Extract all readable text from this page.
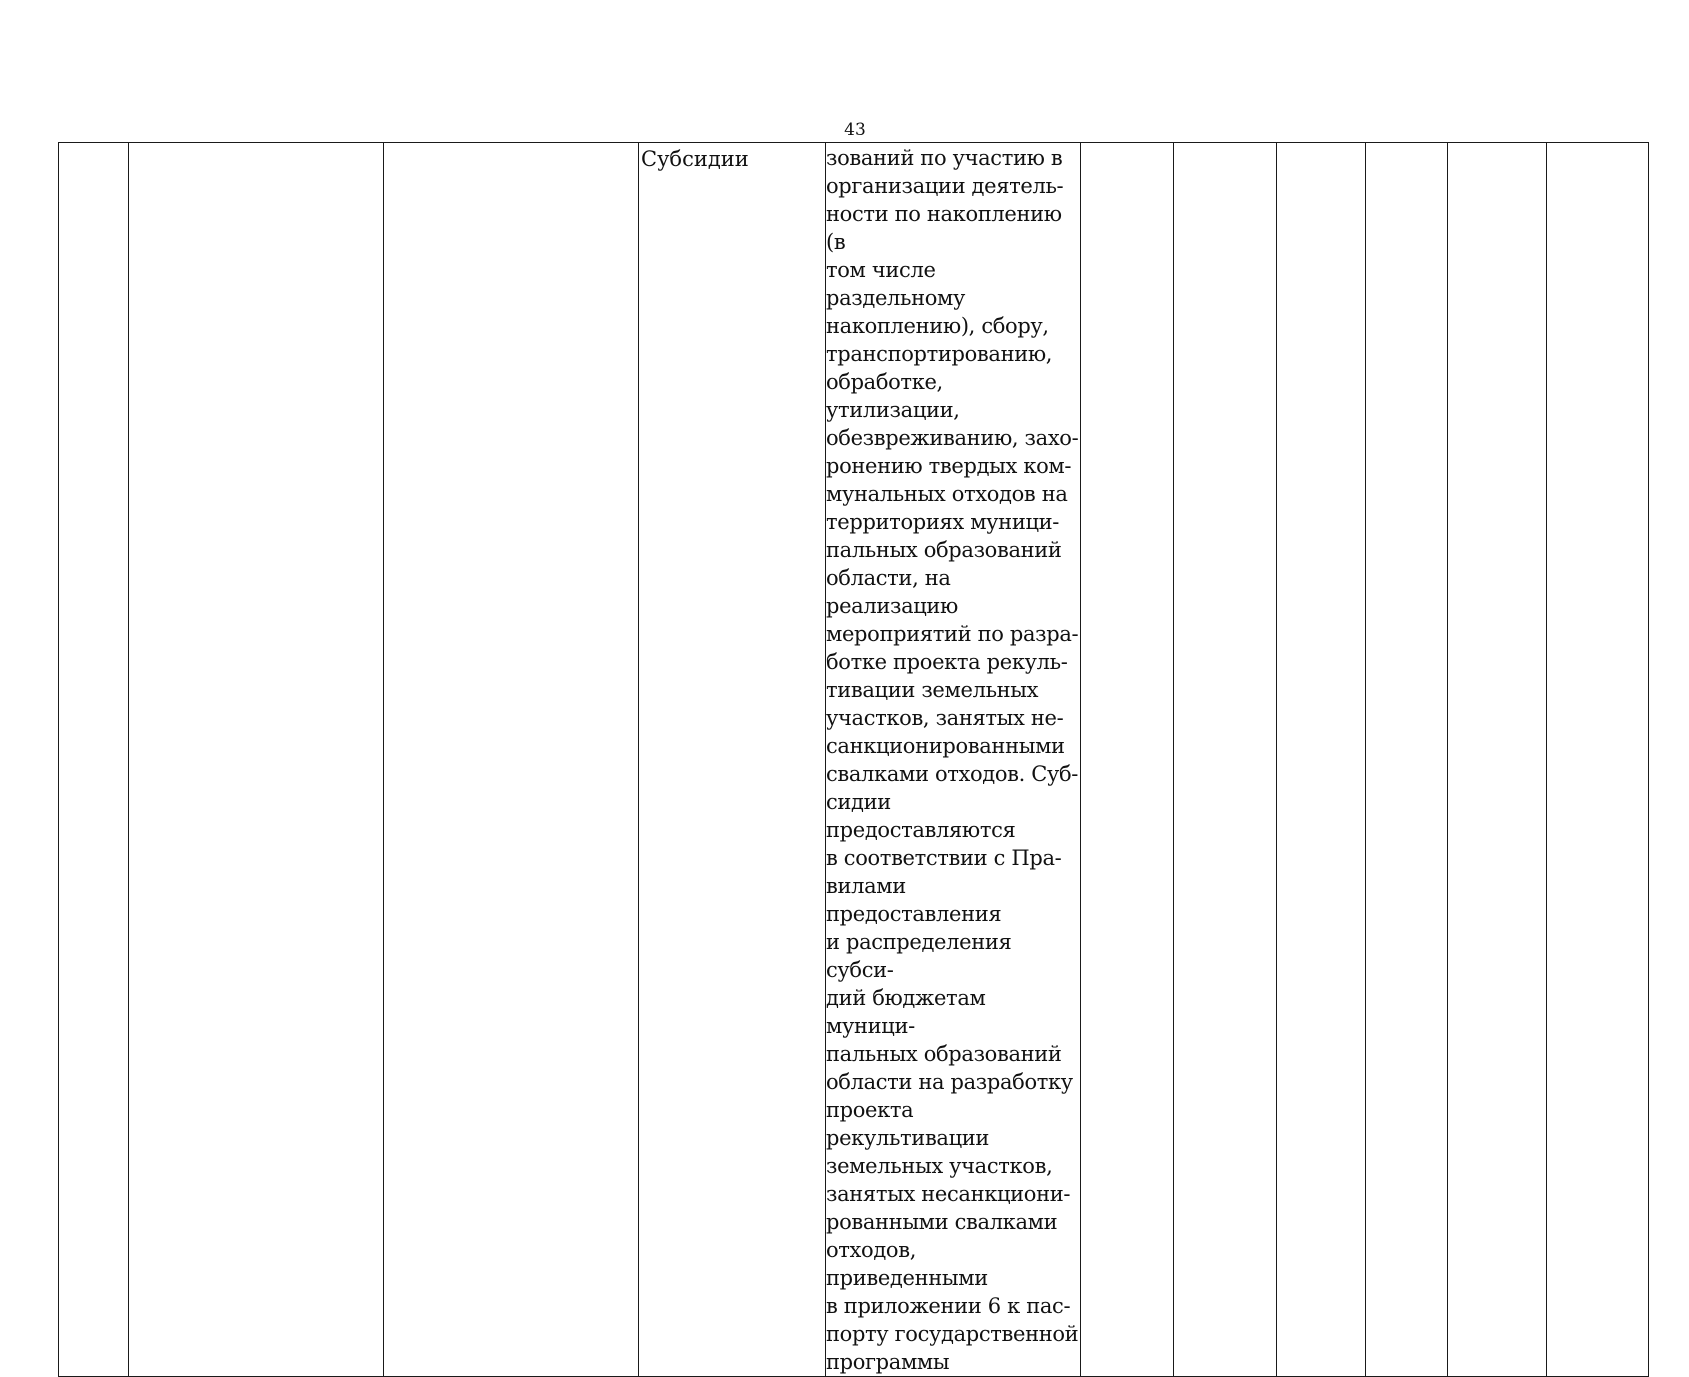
43

Субсидии	зований по участию в
организации деятель-
ности по накоплению (в
том числе раздельному
накоплению), сбору,
транспортированию,
обработке, утилизации,
обезвреживанию, захо-
ронению твердых ком-
мунальных отходов на
территориях муници-
пальных образований
области, на реализацию
мероприятий по разра-
ботке проекта рекуль-
тивации земельных
участков, занятых не-
санкционированными
свалками отходов. Суб-
сидии предоставляются
в соответствии с Пра-
вилами предоставления
и распределения субси-
дий бюджетам муници-
пальных образований
области на разработку
проекта рекультивации
земельных участков,
занятых несанкциони-
рованными свалками
отходов, приведенными
в приложении 6 к пас-
порту государственной
программы
